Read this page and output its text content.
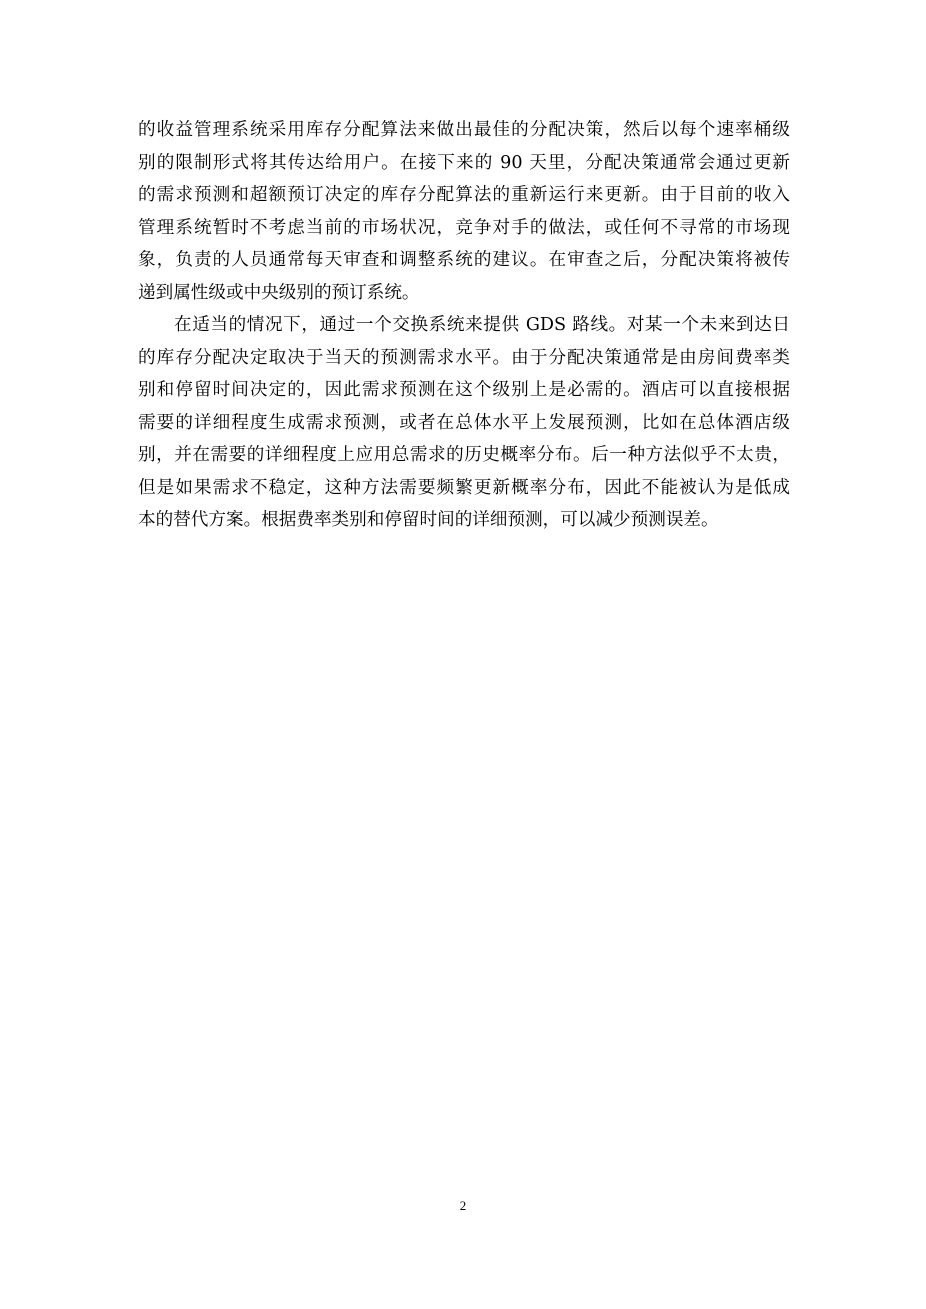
的收益管理系统采用库存分配算法来做出最佳的分配决策，然后以每个速率桶级
别的限制形式将其传达给用户。在接下来的 90 天里，分配决策通常会通过更新
的需求预测和超额预订决定的库存分配算法的重新运行来更新。由于目前的收入
管理系统暂时不考虑当前的市场状况，竞争对手的做法，或任何不寻常的市场现
象，负责的人员通常每天审查和调整系统的建议。在审查之后，分配决策将被传
递到属性级或中央级别的预订系统。
在适当的情况下，通过一个交换系统来提供 GDS 路线。对某一个未来到达日
的库存分配决定取决于当天的预测需求水平。由于分配决策通常是由房间费率类
别和停留时间决定的，因此需求预测在这个级别上是必需的。酒店可以直接根据
需要的详细程度生成需求预测，或者在总体水平上发展预测，比如在总体酒店级
别，并在需要的详细程度上应用总需求的历史概率分布。后一种方法似乎不太贵，
但是如果需求不稳定，这种方法需要频繁更新概率分布，因此不能被认为是低成
本的替代方案。根据费率类别和停留时间的详细预测，可以减少预测误差。
2
